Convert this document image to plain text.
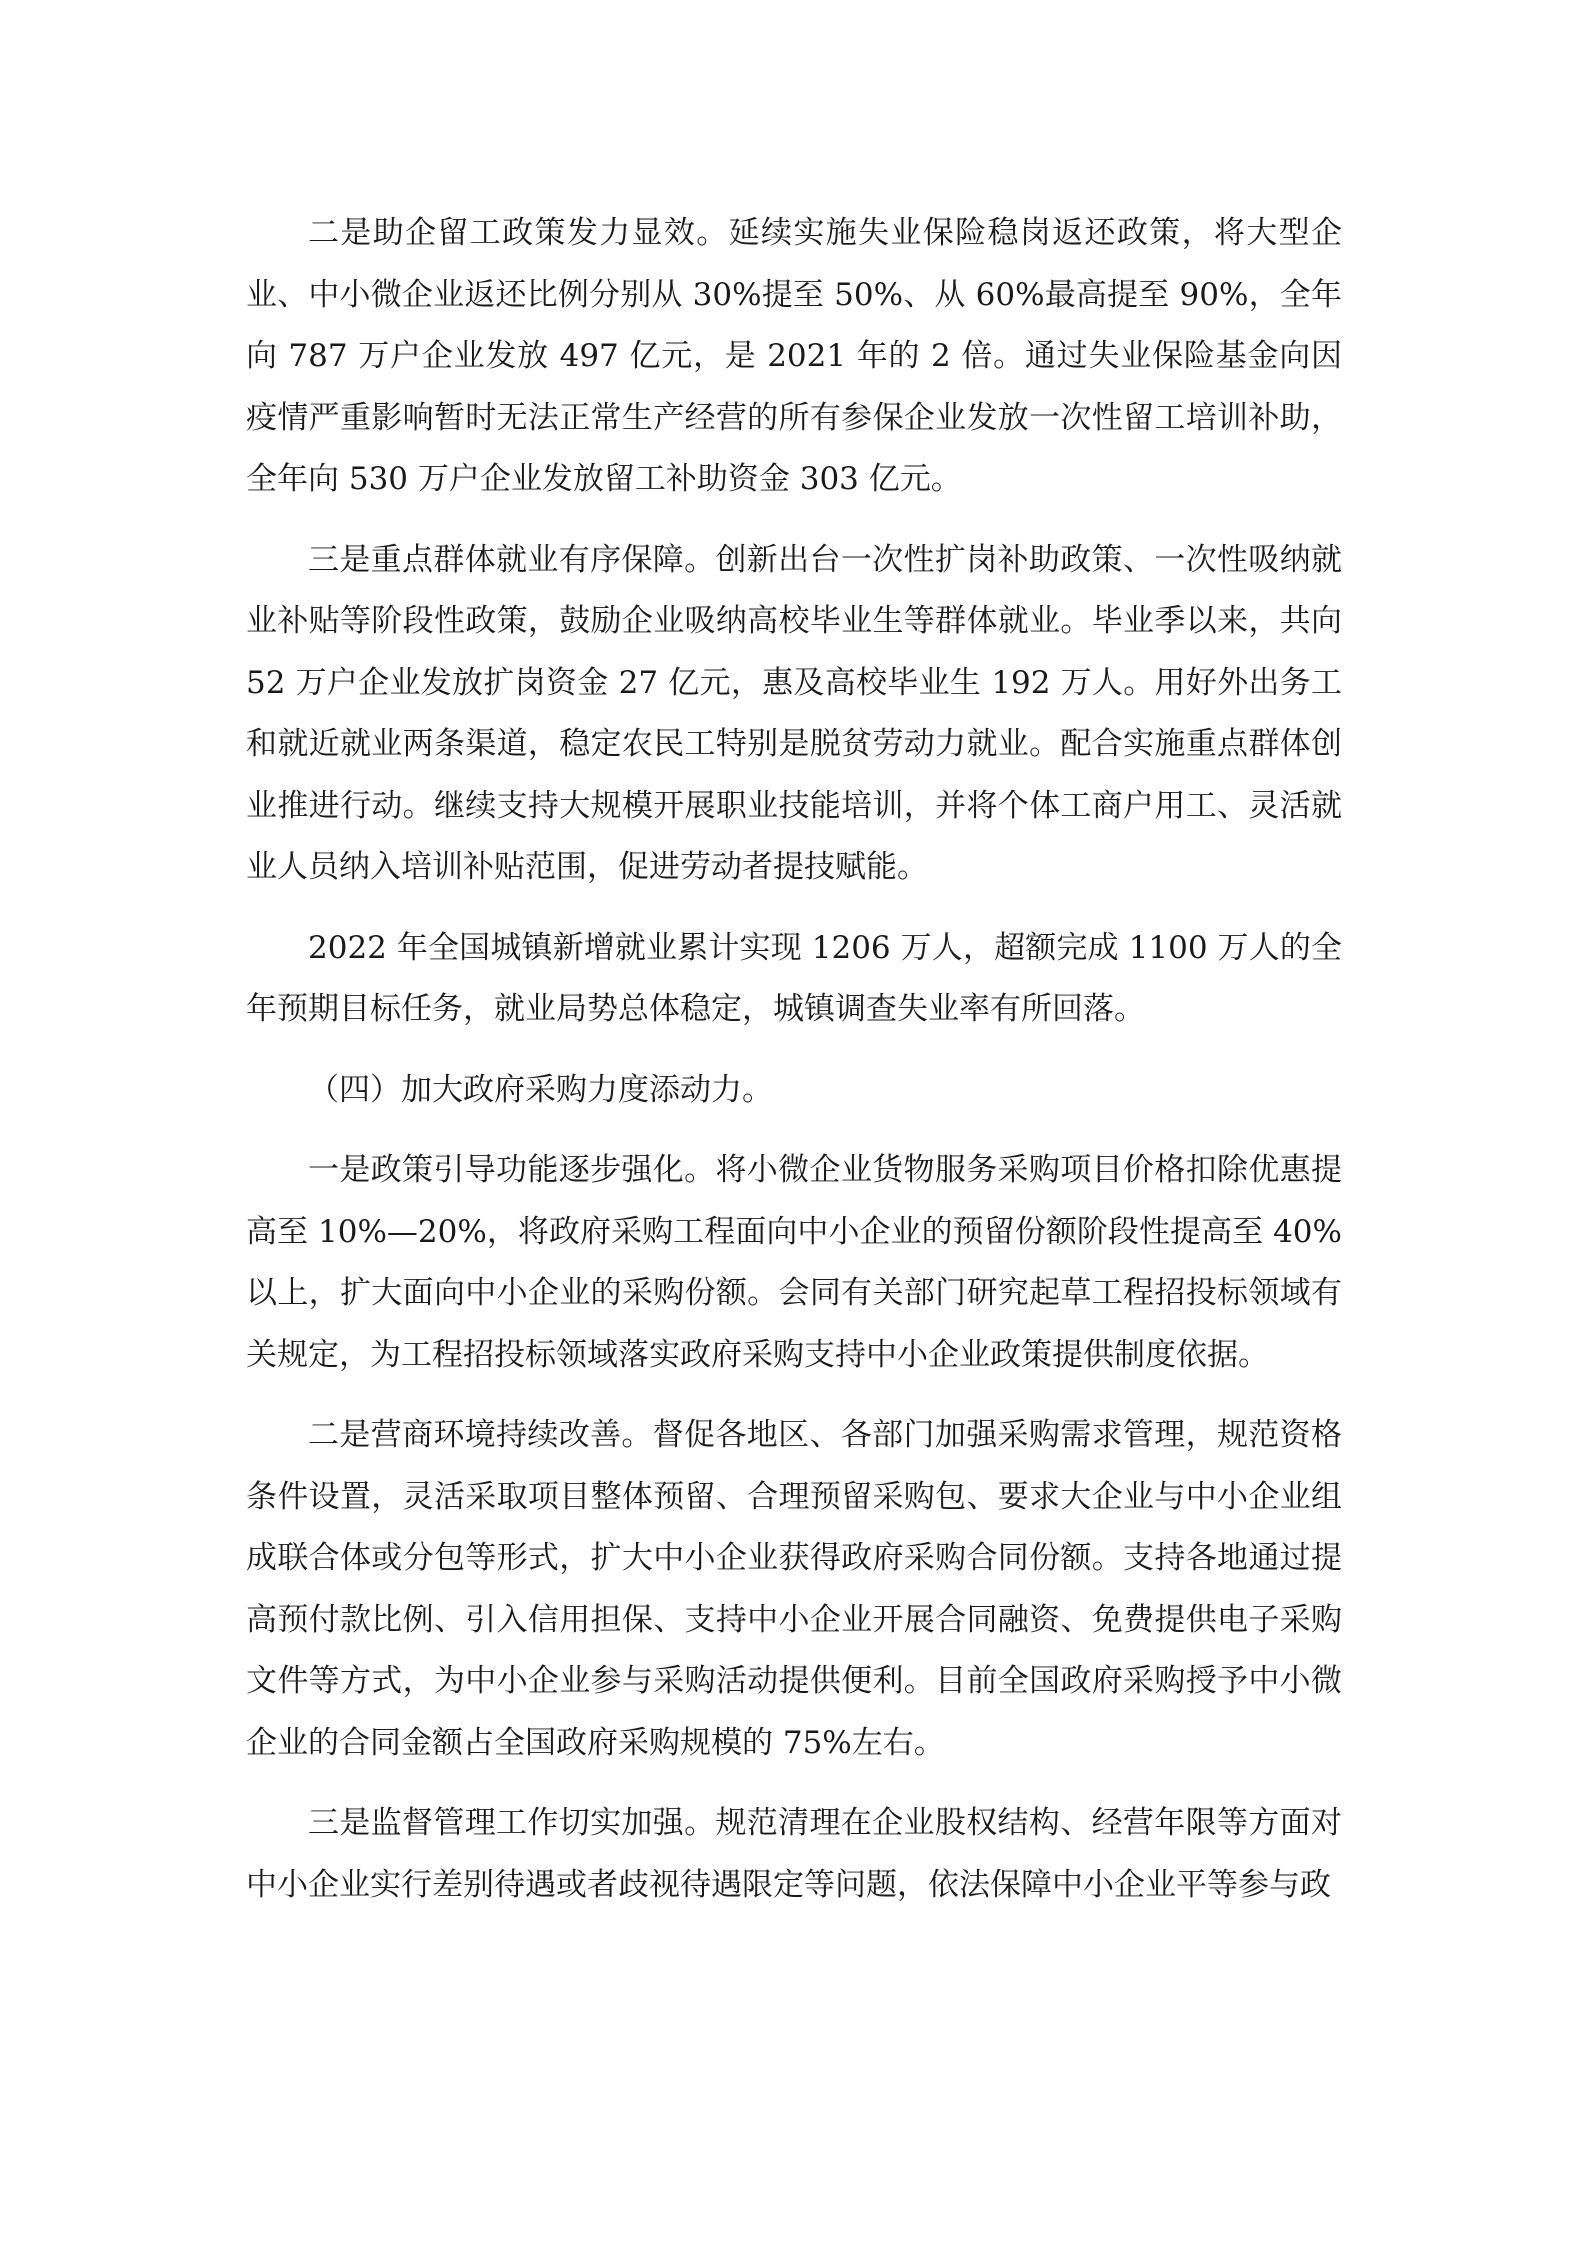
二是助企留工政策发力显效。延续实施失业保险稳岗返还政策，将大型企业、中小微企业返还比例分别从 30%提至 50%、从 60%最高提至 90%，全年向 787 万户企业发放 497 亿元，是 2021 年的 2 倍。通过失业保险基金向因疫情严重影响暂时无法正常生产经营的所有参保企业发放一次性留工培训补助，全年向 530 万户企业发放留工补助资金 303 亿元。

三是重点群体就业有序保障。创新出台一次性扩岗补助政策、一次性吸纳就业补贴等阶段性政策，鼓励企业吸纳高校毕业生等群体就业。毕业季以来，共向 52 万户企业发放扩岗资金 27 亿元，惠及高校毕业生 192 万人。用好外出务工和就近就业两条渠道，稳定农民工特别是脱贫劳动力就业。配合实施重点群体创业推进行动。继续支持大规模开展职业技能培训，并将个体工商户用工、灵活就业人员纳入培训补贴范围，促进劳动者提技赋能。

2022 年全国城镇新增就业累计实现 1206 万人，超额完成 1100 万人的全年预期目标任务，就业局势总体稳定，城镇调查失业率有所回落。

（四）加大政府采购力度添动力。

一是政策引导功能逐步强化。将小微企业货物服务采购项目价格扣除优惠提高至 10%—20%，将政府采购工程面向中小企业的预留份额阶段性提高至 40%以上，扩大面向中小企业的采购份额。会同有关部门研究起草工程招投标领域有关规定，为工程招投标领域落实政府采购支持中小企业政策提供制度依据。

二是营商环境持续改善。督促各地区、各部门加强采购需求管理，规范资格条件设置，灵活采取项目整体预留、合理预留采购包、要求大企业与中小企业组成联合体或分包等形式，扩大中小企业获得政府采购合同份额。支持各地通过提高预付款比例、引入信用担保、支持中小企业开展合同融资、免费提供电子采购文件等方式，为中小企业参与采购活动提供便利。目前全国政府采购授予中小微企业的合同金额占全国政府采购规模的 75%左右。

三是监督管理工作切实加强。规范清理在企业股权结构、经营年限等方面对中小企业实行差别待遇或者歧视待遇限定等问题，依法保障中小企业平等参与政
